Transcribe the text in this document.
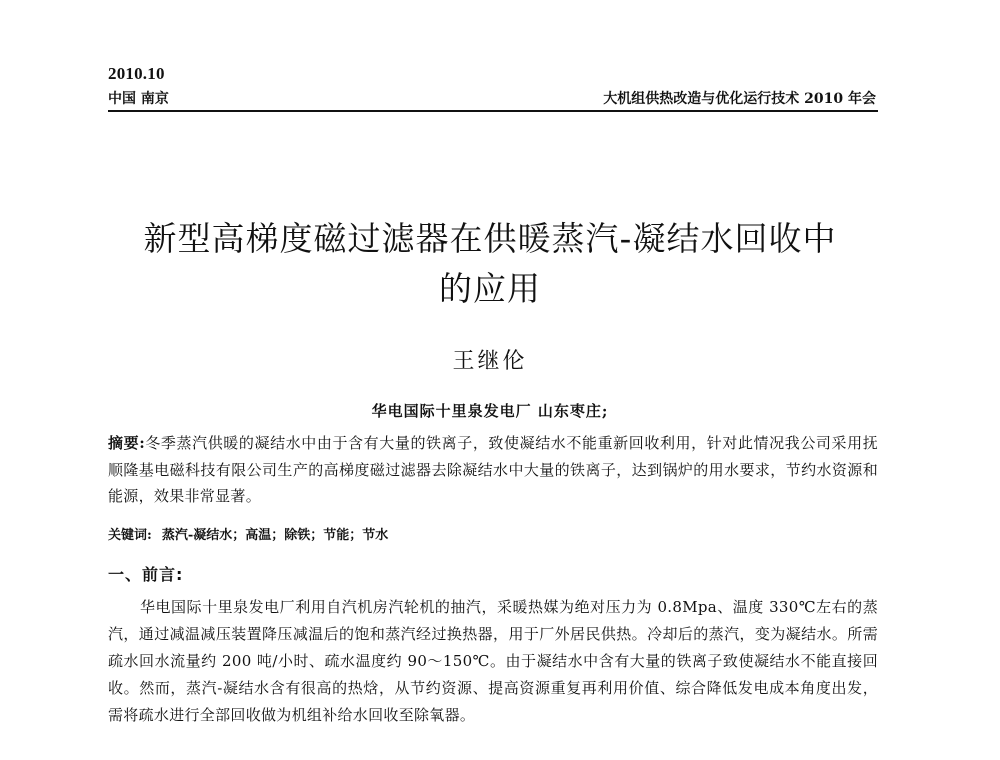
2010.10
中国 南京	大机组供热改造与优化运行技术 2010 年会
新型高梯度磁过滤器在供暖蒸汽-凝结水回收中
的应用
王继伦
华电国际十里泉发电厂 山东枣庄;
摘要:冬季蒸汽供暖的凝结水中由于含有大量的铁离子，致使凝结水不能重新回收利用，针对此情况我公司采用抚顺隆基电磁科技有限公司生产的高梯度磁过滤器去除凝结水中大量的铁离子，达到锅炉的用水要求，节约水资源和能源，效果非常显著。
关键词: 蒸汽-凝结水；高温；除铁；节能；节水
一、前言:

华电国际十里泉发电厂利用自汽机房汽轮机的抽汽，采暖热媒为绝对压力为 0.8Mpa、温度 330℃左右的蒸汽，通过减温减压装置降压减温后的饱和蒸汽经过换热器，用于厂外居民供热。冷却后的蒸汽，变为凝结水。所需疏水回水流量约 200 吨/小时、疏水温度约 90～150℃。由于凝结水中含有大量的铁离子致使凝结水不能直接回收。然而，蒸汽-凝结水含有很高的热焓，从节约资源、提高资源重复再利用价值、综合降低发电成本角度出发，需将疏水进行全部回收做为机组补给水回收至除氧器。
